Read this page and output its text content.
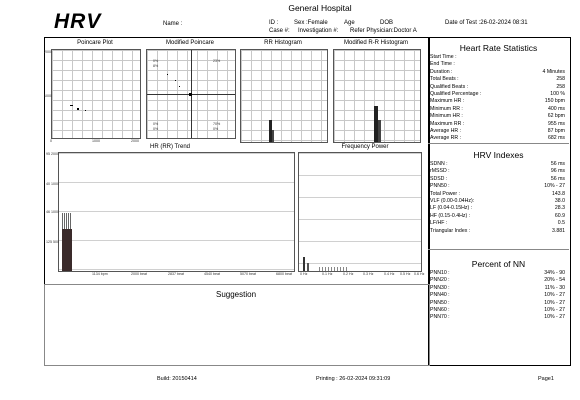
General Hospital
HRV	Name :	ID :	Sex :Female	Age	DOB	Date of Test :26-02-2024 08:31
Case #: Investigation #: Refer Physician:Doctor A
Poincare Plot
2000
1000
0	1000	2000
Modified Poincare
0%
8%
23%
0%	70%
0%
0%
RR Histogram	Modified R-R Histogram
HR (RR) Trend
95 2000
40 1000
46 1000
125 500
1134 bpm	2000 beat	2837 beat	4540 beat	5070 beat	6800 beat
Frequency Power
0 Hz	0.1 Hz	0.2 Hz	0.3 Hz	0.4 Hz 0.5 Hz 0.6 Hz
Suggestion
Heart Rate Statistics
Start Time :
End Time :
Duration :	4 Minutes
Total Beats :	258
Qualified Beats :	258
Qualified Percentage :	100 %
Maximum HR :	150 bpm
Minimum RR :	400 ms
Minimum HR :	62 bpm
Maximum RR :	955 ms
Average HR :	87 bpm
Average RR :	682 ms
HRV Indexes
SDNN :	56 ms
rMSSD :	96 ms
SDSD :	56 ms
PNN50 :	10% - 27
Total Power :	143.8
VLF (0.00-0.04Hz):	38.0
LF (0.04-0.15Hz) :	28.3
HF (0.15-0.4Hz) :	60.9
LF/HF :	0.5
Triangular Index :	3.881
Percent of NN
PNN10 :	34% - 90
PNN20 :	20% - 54
PNN30 :	11% - 30
PNN40 :	10% - 27
PNN50 :	10% - 27
PNN60 :	10% - 27
PNN70 :	10% - 27
Build: 20150414	Printing : 26-02-2024 09:31:09	Page1
